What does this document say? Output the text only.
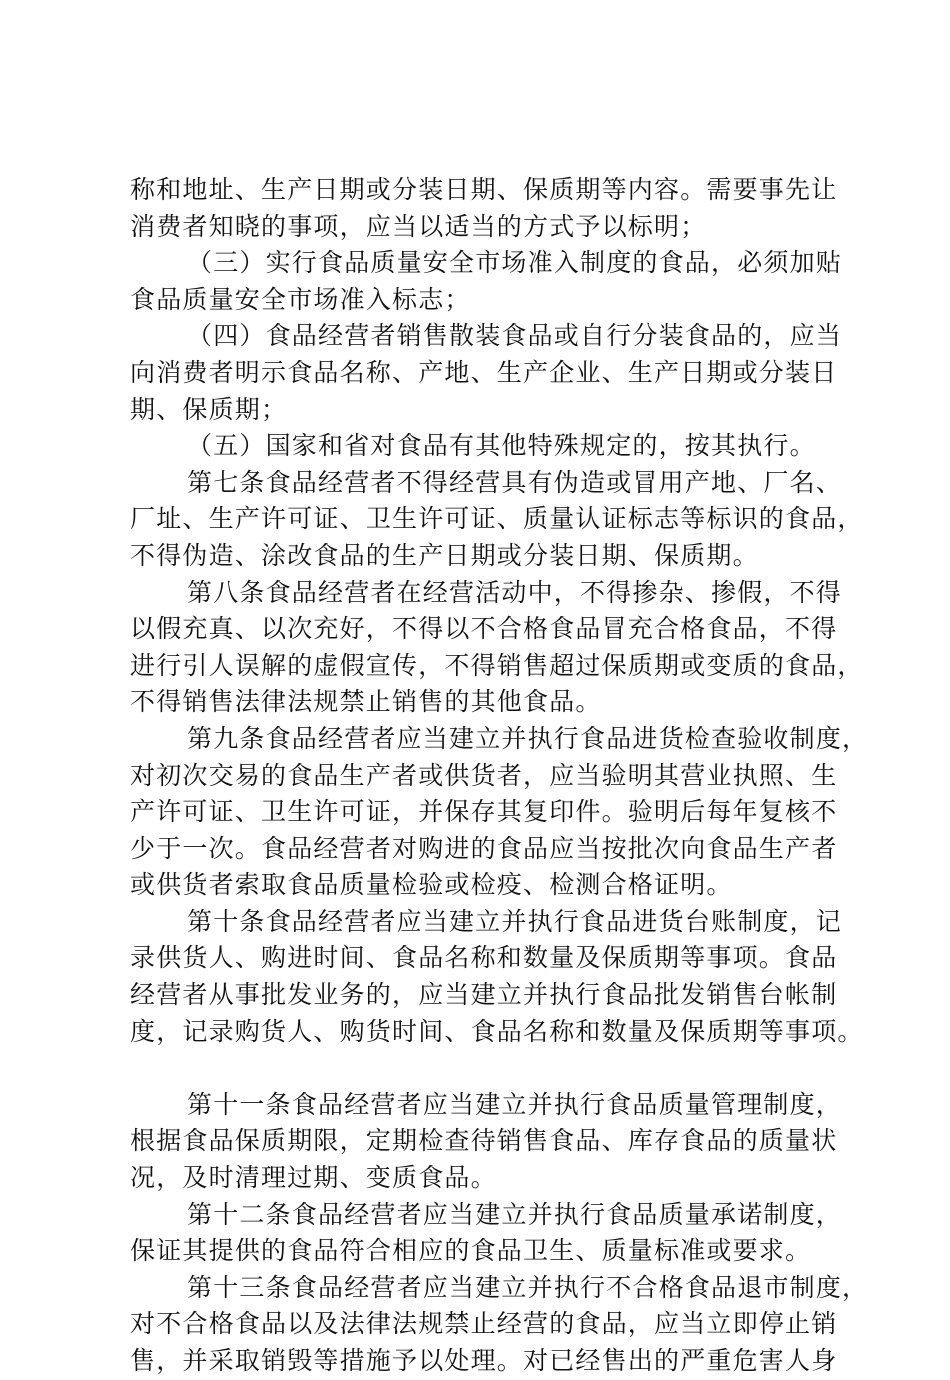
称和地址、生产日期或分装日期、保质期等内容。需要事先让
消费者知晓的事项，应当以适当的方式予以标明；
（三）实行食品质量安全市场准入制度的食品，必须加贴
食品质量安全市场准入标志；
（四）食品经营者销售散装食品或自行分装食品的，应当
向消费者明示食品名称、产地、生产企业、生产日期或分装日
期、保质期；
（五）国家和省对食品有其他特殊规定的，按其执行。
第七条食品经营者不得经营具有伪造或冒用产地、厂名、
厂址、生产许可证、卫生许可证、质量认证标志等标识的食品，
不得伪造、涂改食品的生产日期或分装日期、保质期。
第八条食品经营者在经营活动中，不得掺杂、掺假，不得
以假充真、以次充好，不得以不合格食品冒充合格食品，不得
进行引人误解的虚假宣传，不得销售超过保质期或变质的食品，
不得销售法律法规禁止销售的其他食品。
第九条食品经营者应当建立并执行食品进货检查验收制度，
对初次交易的食品生产者或供货者，应当验明其营业执照、生
产许可证、卫生许可证，并保存其复印件。验明后每年复核不
少于一次。食品经营者对购进的食品应当按批次向食品生产者
或供货者索取食品质量检验或检疫、检测合格证明。
第十条食品经营者应当建立并执行食品进货台账制度，记
录供货人、购进时间、食品名称和数量及保质期等事项。食品
经营者从事批发业务的，应当建立并执行食品批发销售台帐制
度，记录购货人、购货时间、食品名称和数量及保质期等事项。
第十一条食品经营者应当建立并执行食品质量管理制度，
根据食品保质期限，定期检查待销售食品、库存食品的质量状
况，及时清理过期、变质食品。
第十二条食品经营者应当建立并执行食品质量承诺制度，
保证其提供的食品符合相应的食品卫生、质量标准或要求。
第十三条食品经营者应当建立并执行不合格食品退市制度，
对不合格食品以及法律法规禁止经营的食品，应当立即停止销
售，并采取销毁等措施予以处理。对已经售出的严重危害人身
